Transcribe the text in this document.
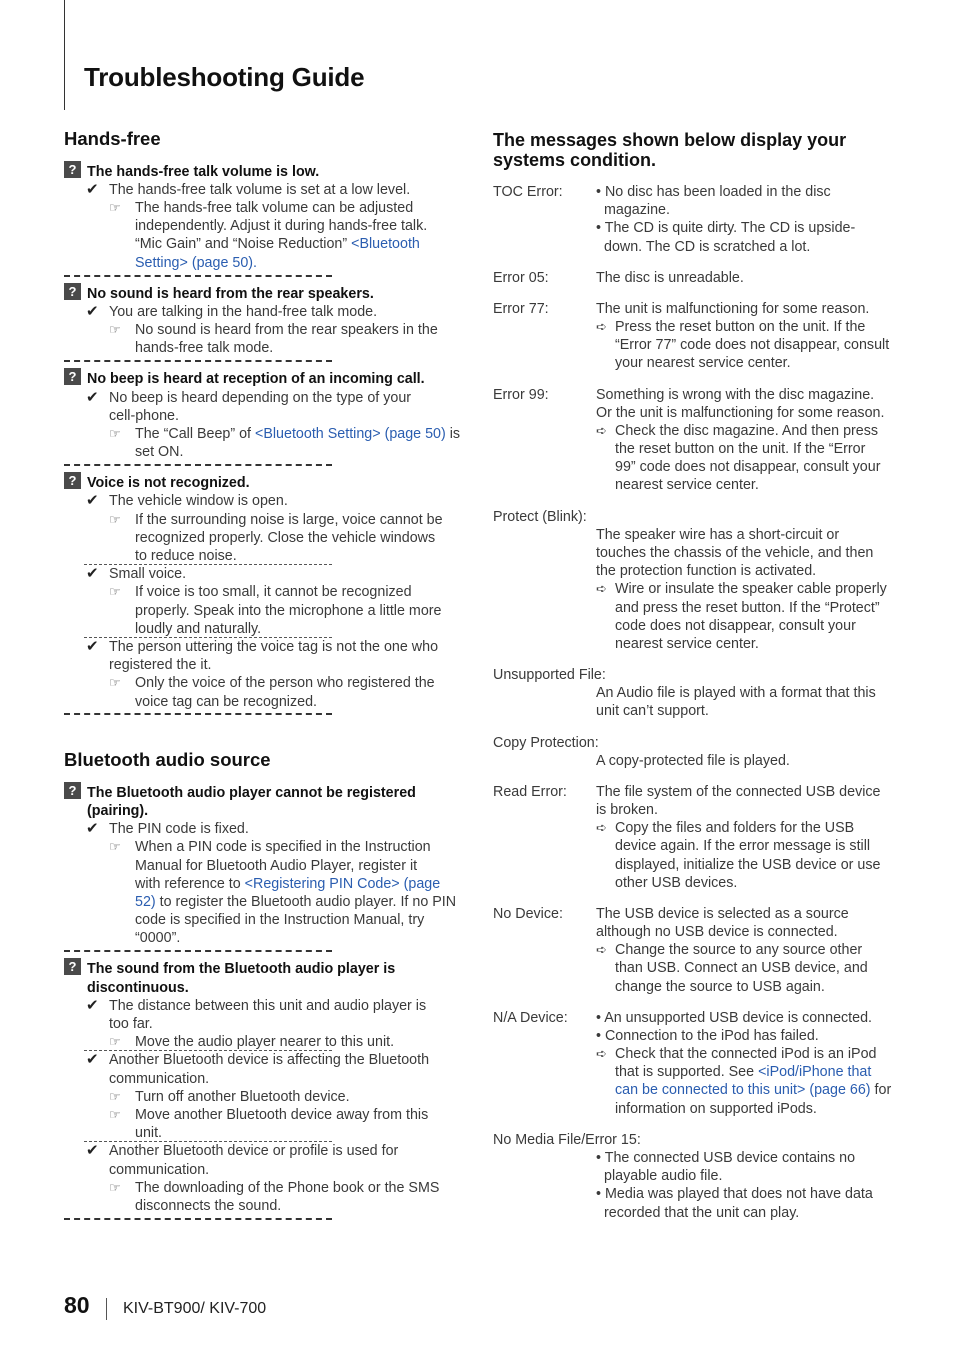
Troubleshooting Guide
Hands-free
? The hands-free talk volume is low.
✔ The hands-free talk volume is set at a low level.
☞ The hands-free talk volume can be adjusted
independently. Adjust it during hands-free talk.
“Mic Gain” and “Noise Reduction” <Bluetooth
Setting> (page 50).
? No sound is heard from the rear speakers.
✔ You are talking in the hand-free talk mode.
☞ No sound is heard from the rear speakers in the
hands-free talk mode.
? No beep is heard at reception of an incoming call.
✔ No beep is heard depending on the type of your
cell-phone.
☞ The “Call Beep” of <Bluetooth Setting> (page 50) is
set ON.
? Voice is not recognized.
✔ The vehicle window is open.
☞ If the surrounding noise is large, voice cannot be
recognized properly. Close the vehicle windows
to reduce noise.
✔ Small voice.
☞ If voice is too small, it cannot be recognized
properly. Speak into the microphone a little more
loudly and naturally.
✔ The person uttering the voice tag is not the one who
registered the it.
☞ Only the voice of the person who registered the
voice tag can be recognized.
Bluetooth audio source
? The Bluetooth audio player cannot be registered
(pairing).
✔ The PIN code is fixed.
☞ When a PIN code is specified in the Instruction
Manual for Bluetooth Audio Player, register it
with reference to <Registering PIN Code> (page
52) to register the Bluetooth audio player. If no PIN
code is specified in the Instruction Manual, try
“0000”.
? The sound from the Bluetooth audio player is
discontinuous.
✔ The distance between this unit and audio player is
too far.
☞ Move the audio player nearer to this unit.
✔ Another Bluetooth device is affecting the Bluetooth
communication.
☞ Turn off another Bluetooth device.
☞ Move another Bluetooth device away from this
unit.
✔ Another Bluetooth device or profile is used for
communication.
☞ The downloading of the Phone book or the SMS
disconnects the sound.
The messages shown below display your
systems condition.
TOC Error: • No disc has been loaded in the disc
magazine.
• The CD is quite dirty. The CD is upside-
down. The CD is scratched a lot.
Error 05:	The disc is unreadable.
Error 77:	The unit is malfunctioning for some reason.
➪ Press the reset button on the unit. If the
“Error 77” code does not disappear, consult
your nearest service center.
Error 99:	Something is wrong with the disc magazine.
Or the unit is malfunctioning for some reason.
➪ Check the disc magazine. And then press
the reset button on the unit. If the “Error
99” code does not disappear, consult your
nearest service center.
Protect (Blink):
The speaker wire has a short-circuit or
touches the chassis of the vehicle, and then
the protection function is activated.
➪ Wire or insulate the speaker cable properly
and press the reset button. If the “Protect”
code does not disappear, consult your
nearest service center.
Unsupported File:
An Audio file is played with a format that this
unit can’t support.
Copy Protection:
A copy-protected file is played.
Read Error: The file system of the connected USB device
is broken.
➪ Copy the files and folders for the USB
device again. If the error message is still
displayed, initialize the USB device or use
other USB devices.
No Device: The USB device is selected as a source
although no USB device is connected.
➪ Change the source to any source other
than USB. Connect an USB device, and
change the source to USB again.
N/A Device: • An unsupported USB device is connected.
• Connection to the iPod has failed.
➪ Check that the connected iPod is an iPod
that is supported. See <iPod/iPhone that
can be connected to this unit> (page 66) for
information on supported iPods.
No Media File/Error 15:
• The connected USB device contains no
playable audio file.
• Media was played that does not have data
recorded that the unit can play.
80 KIV-BT900/ KIV-700
